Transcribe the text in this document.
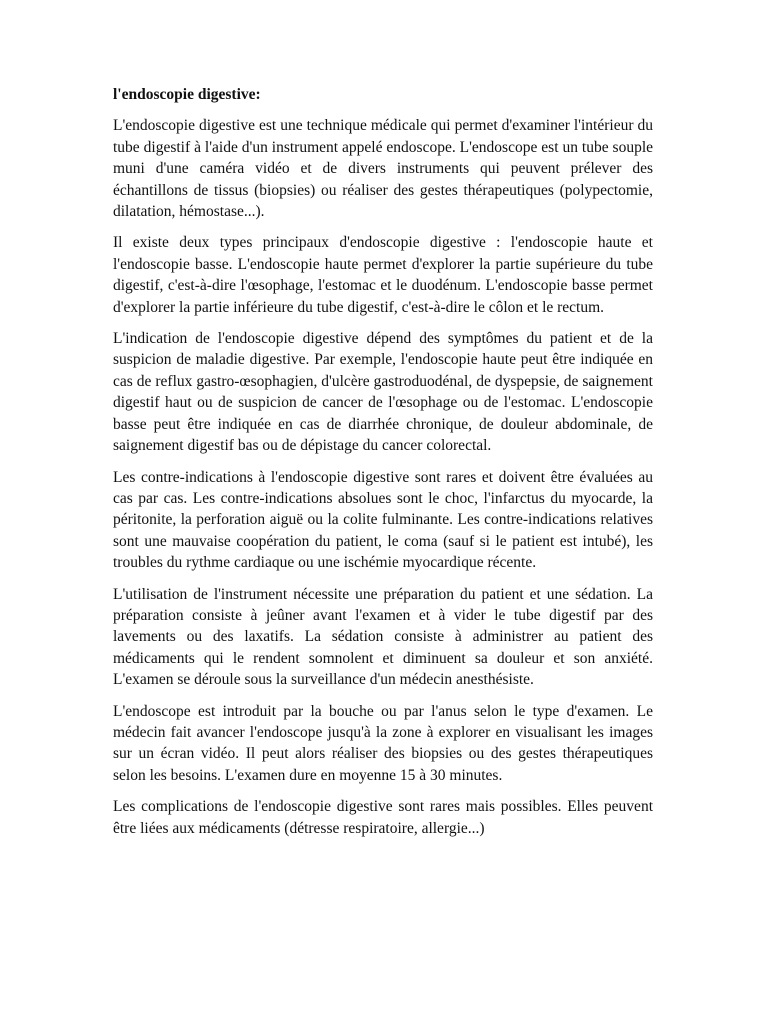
l'endoscopie digestive:

L'endoscopie digestive est une technique médicale qui permet d'examiner l'intérieur du tube digestif à l'aide d'un instrument appelé endoscope. L'endoscope est un tube souple muni d'une caméra vidéo et de divers instruments qui peuvent prélever des échantillons de tissus (biopsies) ou réaliser des gestes thérapeutiques (polypectomie, dilatation, hémostase...).

Il existe deux types principaux d'endoscopie digestive : l'endoscopie haute et l'endoscopie basse. L'endoscopie haute permet d'explorer la partie supérieure du tube digestif, c'est-à-dire l'œsophage, l'estomac et le duodénum. L'endoscopie basse permet d'explorer la partie inférieure du tube digestif, c'est-à-dire le côlon et le rectum.

L'indication de l'endoscopie digestive dépend des symptômes du patient et de la suspicion de maladie digestive. Par exemple, l'endoscopie haute peut être indiquée en cas de reflux gastro-œsophagien, d'ulcère gastroduodénal, de dyspepsie, de saignement digestif haut ou de suspicion de cancer de l'œsophage ou de l'estomac. L'endoscopie basse peut être indiquée en cas de diarrhée chronique, de douleur abdominale, de saignement digestif bas ou de dépistage du cancer colorectal.

Les contre-indications à l'endoscopie digestive sont rares et doivent être évaluées au cas par cas. Les contre-indications absolues sont le choc, l'infarctus du myocarde, la péritonite, la perforation aiguë ou la colite fulminante. Les contre-indications relatives sont une mauvaise coopération du patient, le coma (sauf si le patient est intubé), les troubles du rythme cardiaque ou une ischémie myocardique récente.

L'utilisation de l'instrument nécessite une préparation du patient et une sédation. La préparation consiste à jeûner avant l'examen et à vider le tube digestif par des lavements ou des laxatifs. La sédation consiste à administrer au patient des médicaments qui le rendent somnolent et diminuent sa douleur et son anxiété. L'examen se déroule sous la surveillance d'un médecin anesthésiste.

L'endoscope est introduit par la bouche ou par l'anus selon le type d'examen. Le médecin fait avancer l'endoscope jusqu'à la zone à explorer en visualisant les images sur un écran vidéo. Il peut alors réaliser des biopsies ou des gestes thérapeutiques selon les besoins. L'examen dure en moyenne 15 à 30 minutes.

Les complications de l'endoscopie digestive sont rares mais possibles. Elles peuvent être liées aux médicaments (détresse respiratoire, allergie...)
